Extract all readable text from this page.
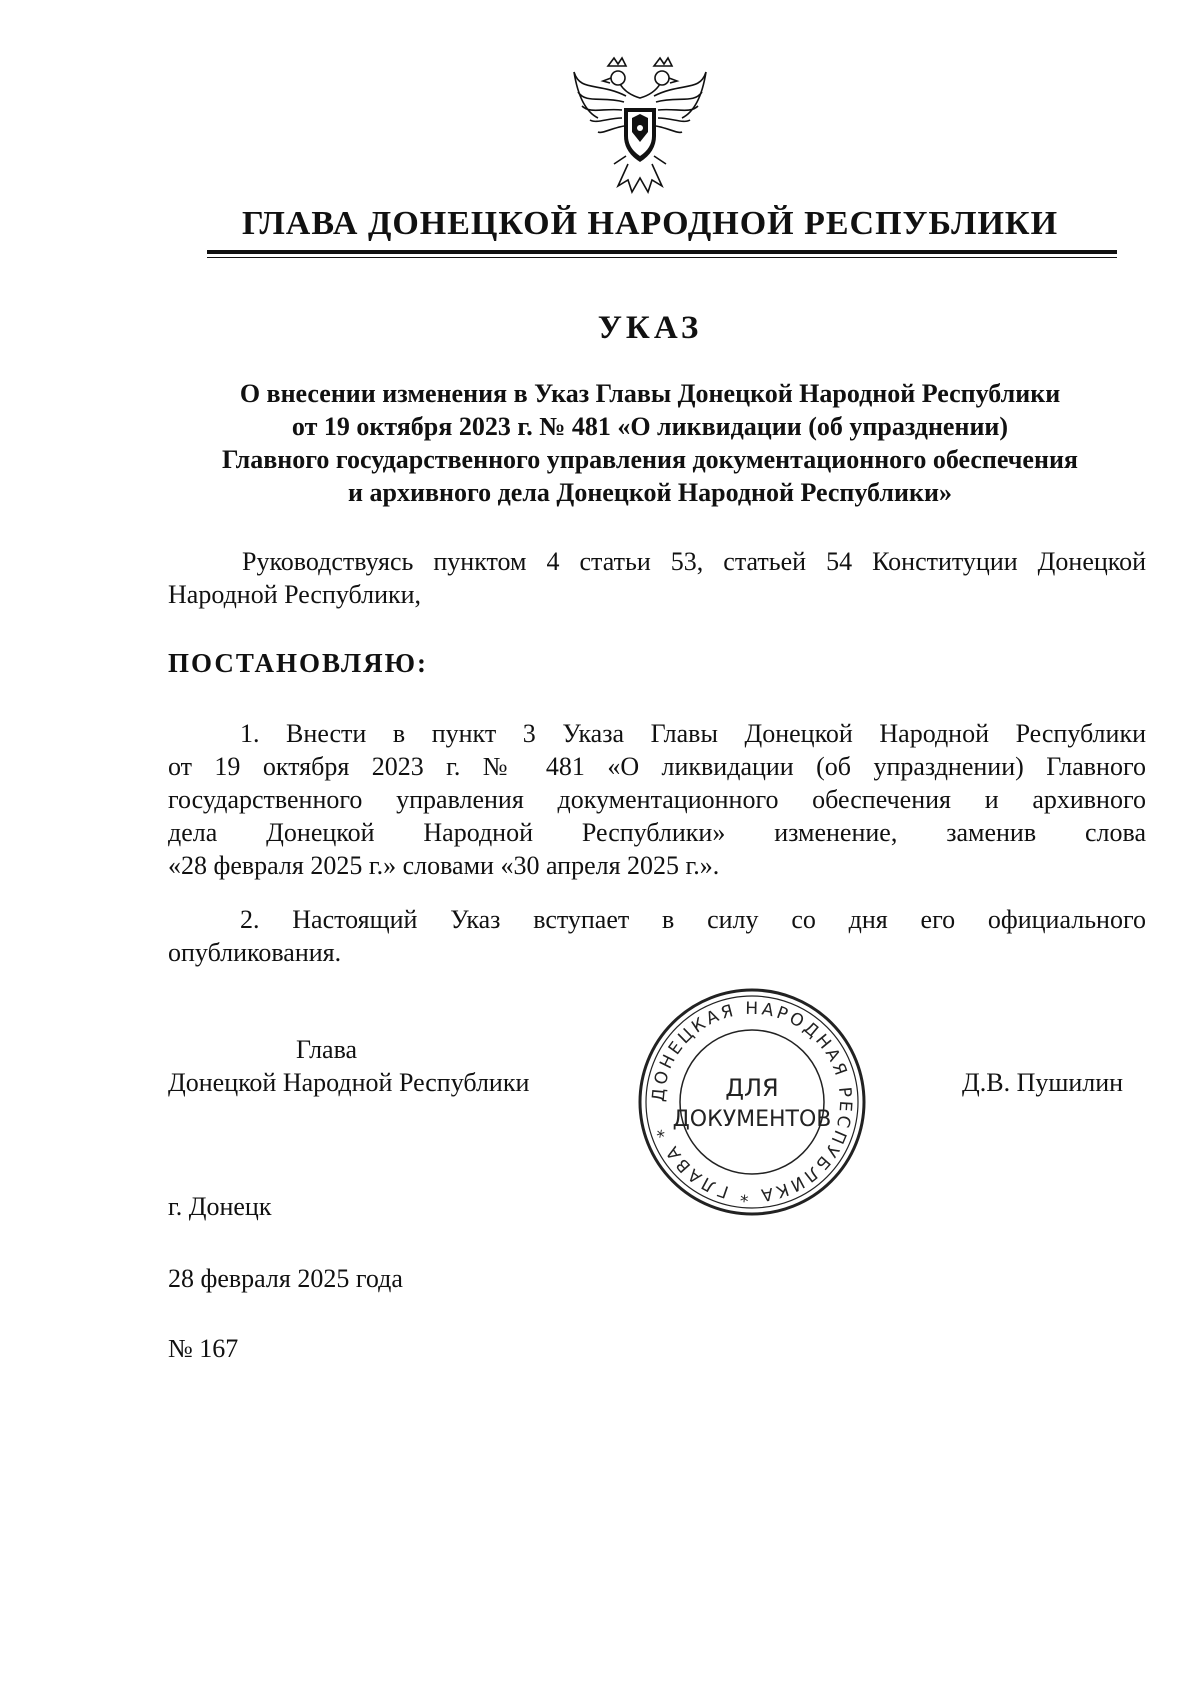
ГЛАВА ДОНЕЦКОЙ НАРОДНОЙ РЕСПУБЛИКИ
УКАЗ
О внесении изменения в Указ Главы Донецкой Народной Республики
от 19 октября 2023 г. № 481 «О ликвидации (об упразднении)
Главного государственного управления документационного обеспечения
и архивного дела Донецкой Народной Республики»
Руководствуясь пунктом 4 статьи 53, статьей 54 Конституции Донецкой
Народной Республики,
ПОСТАНОВЛЯЮ:
1. Внести в пункт 3 Указа Главы Донецкой Народной Республики
от 19 октября 2023 г. № 481 «О ликвидации (об упразднении) Главного
государственного управления документационного обеспечения и архивного
дела Донецкой Народной Республики» изменение, заменив слова
«28 февраля 2025 г.» словами «30 апреля 2025 г.».
2. Настоящий Указ вступает в силу со дня его официального
опубликования.
Глава
Донецкой Народной Республики	ДОНЕЦКАЯ НАРОДНАЯ РЕСПУБЛИКА * ГЛАВА *
ДЛЯ
ДОКУМЕНТОВ
Д.В. Пушилин
г. Донецк
28 февраля 2025 года
№ 167
